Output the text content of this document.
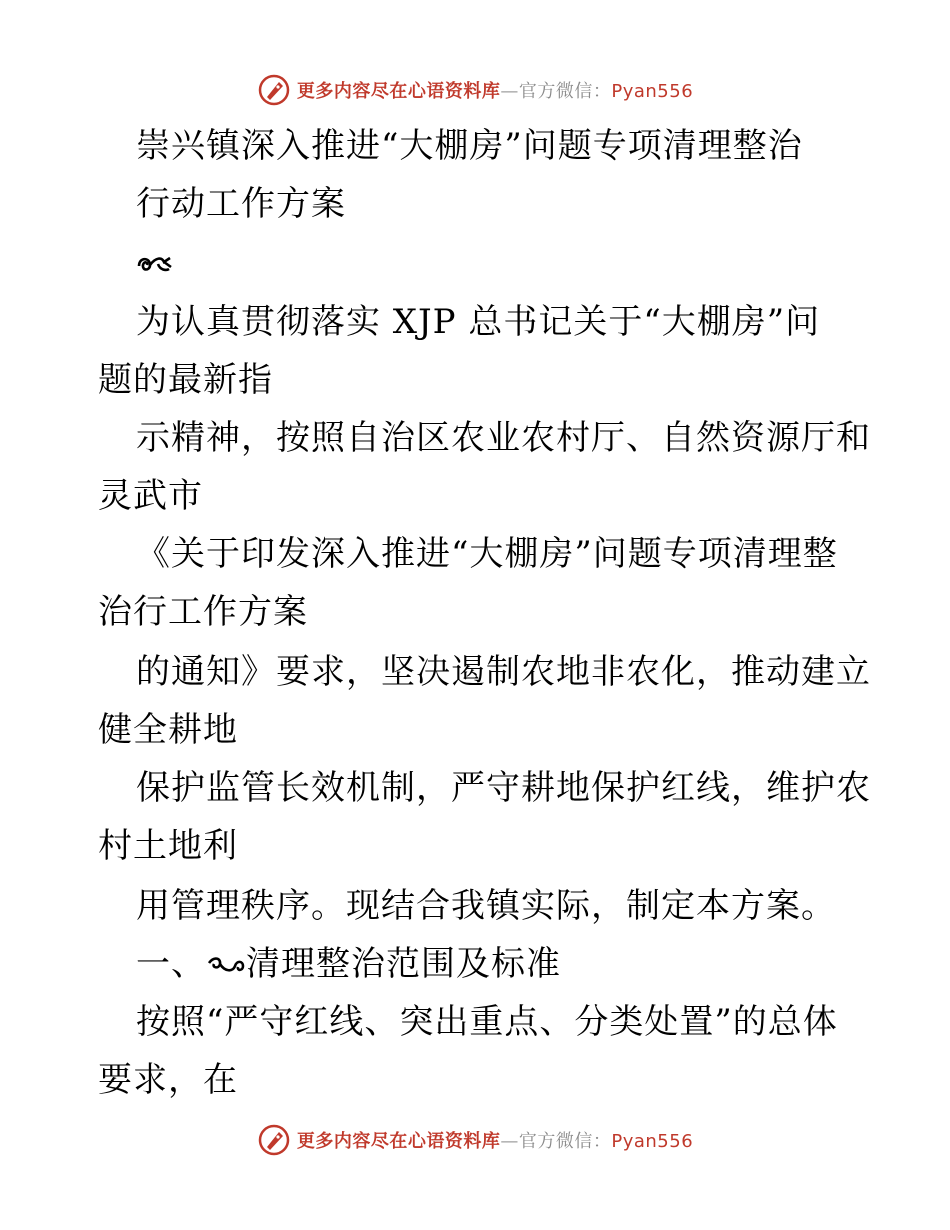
更多内容尽在心语资料库—官方微信：Pyan556
崇兴镇深入推进“大棚房”问题专项清理整治
行动工作方案
为认真贯彻落实 XJP 总书记关于“大棚房”问
题的最新指
示精神，按照自治区农业农村厅、自然资源厅和
灵武市
《关于印发深入推进“大棚房”问题专项清理整
治行工作方案
的通知》要求，坚决遏制农地非农化，推动建立
健全耕地
保护监管长效机制，严守耕地保护红线，维护农
村土地利
用管理秩序。现结合我镇实际，制定本方案。
一、 清理整治范围及标准
按照“严守红线、突出重点、分类处置”的总体
要求，在
更多内容尽在心语资料库—官方微信：Pyan556
